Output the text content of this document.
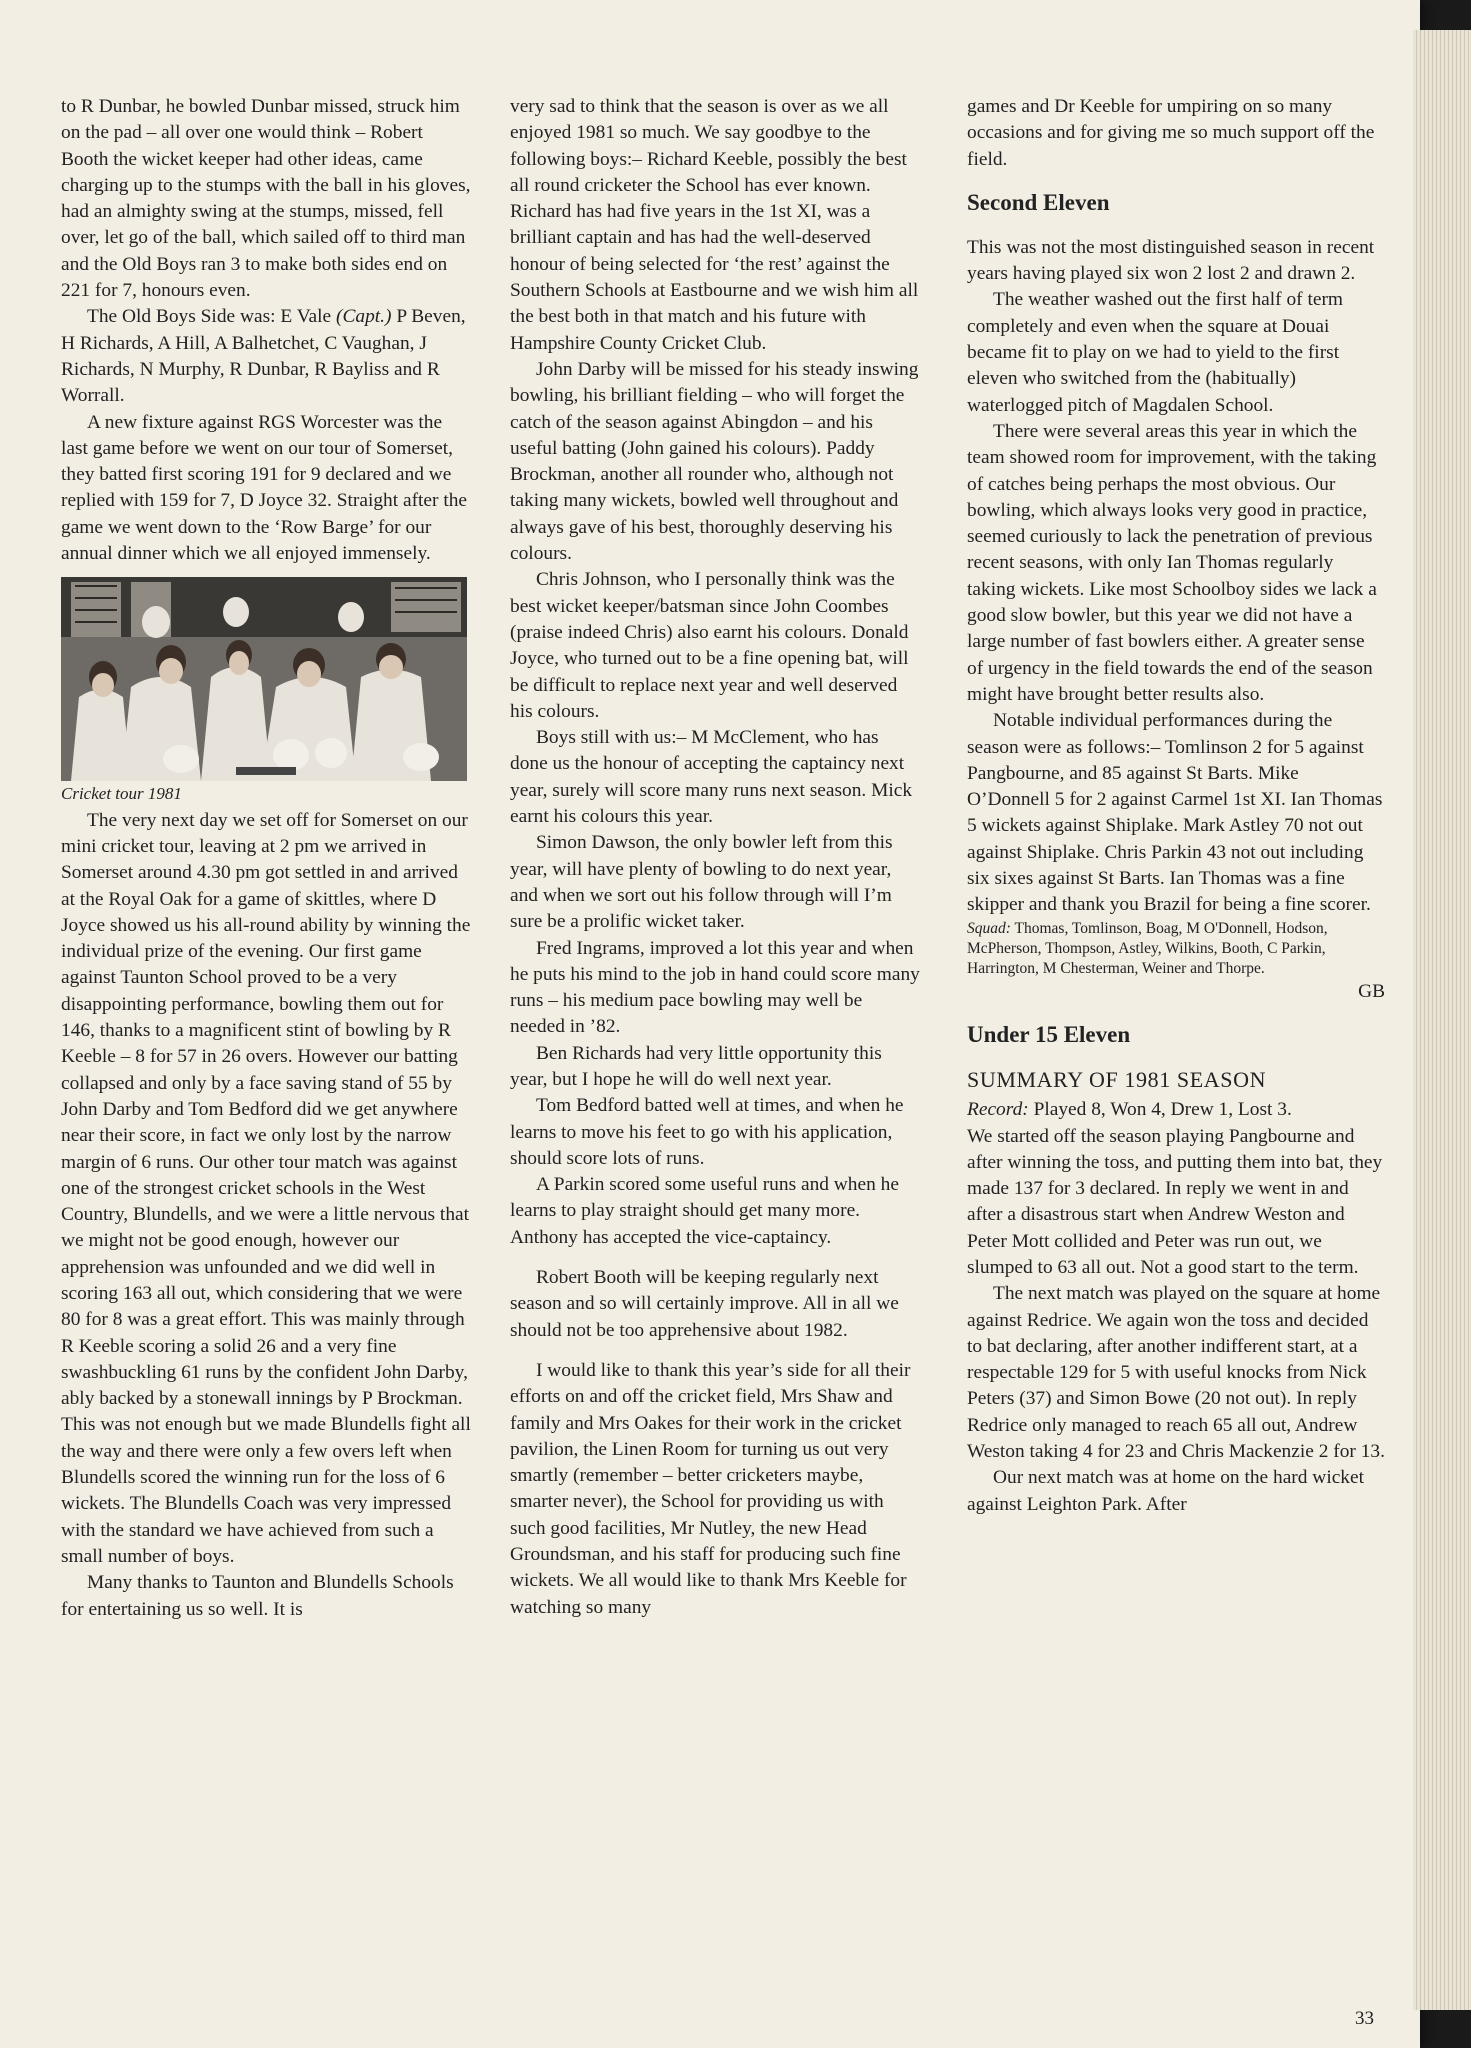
to R Dunbar, he bowled Dunbar missed, struck him on the pad – all over one would think – Robert Booth the wicket keeper had other ideas, came charging up to the stumps with the ball in his gloves, had an almighty swing at the stumps, missed, fell over, let go of the ball, which sailed off to third man and the Old Boys ran 3 to make both sides end on 221 for 7, honours even.

The Old Boys Side was: E Vale (Capt.) P Beven, H Richards, A Hill, A Balhetchet, C Vaughan, J Richards, N Murphy, R Dunbar, R Bayliss and R Worrall.

A new fixture against RGS Worcester was the last game before we went on our tour of Somerset, they batted first scoring 191 for 9 declared and we replied with 159 for 7, D Joyce 32. Straight after the game we went down to the ‘Row Barge’ for our annual dinner which we all enjoyed immensely.

Cricket tour 1981

The very next day we set off for Somerset on our mini cricket tour, leaving at 2 pm we arrived in Somerset around 4.30 pm got settled in and arrived at the Royal Oak for a game of skittles, where D Joyce showed us his all-round ability by winning the individual prize of the evening. Our first game against Taunton School proved to be a very disappointing performance, bowling them out for 146, thanks to a magnificent stint of bowling by R Keeble – 8 for 57 in 26 overs. However our batting collapsed and only by a face saving stand of 55 by John Darby and Tom Bedford did we get anywhere near their score, in fact we only lost by the narrow margin of 6 runs. Our other tour match was against one of the strongest cricket schools in the West Country, Blundells, and we were a little nervous that we might not be good enough, however our apprehension was unfounded and we did well in scoring 163 all out, which considering that we were 80 for 8 was a great effort. This was mainly through R Keeble scoring a solid 26 and a very fine swashbuckling 61 runs by the confident John Darby, ably backed by a stonewall innings by P Brockman. This was not enough but we made Blundells fight all the way and there were only a few overs left when Blundells scored the winning run for the loss of 6 wickets. The Blundells Coach was very impressed with the standard we have achieved from such a small number of boys.

Many thanks to Taunton and Blundells Schools for entertaining us so well. It is

very sad to think that the season is over as we all enjoyed 1981 so much. We say goodbye to the following boys:– Richard Keeble, possibly the best all round cricketer the School has ever known. Richard has had five years in the 1st XI, was a brilliant captain and has had the well-deserved honour of being selected for ‘the rest’ against the Southern Schools at Eastbourne and we wish him all the best both in that match and his future with Hampshire County Cricket Club.

John Darby will be missed for his steady inswing bowling, his brilliant fielding – who will forget the catch of the season against Abingdon – and his useful batting (John gained his colours). Paddy Brockman, another all rounder who, although not taking many wickets, bowled well throughout and always gave of his best, thoroughly deserving his colours.

Chris Johnson, who I personally think was the best wicket keeper/batsman since John Coombes (praise indeed Chris) also earnt his colours. Donald Joyce, who turned out to be a fine opening bat, will be difficult to replace next year and well deserved his colours.

Boys still with us:– M McClement, who has done us the honour of accepting the captaincy next year, surely will score many runs next season. Mick earnt his colours this year.

Simon Dawson, the only bowler left from this year, will have plenty of bowling to do next year, and when we sort out his follow through will I’m sure be a prolific wicket taker.

Fred Ingrams, improved a lot this year and when he puts his mind to the job in hand could score many runs – his medium pace bowling may well be needed in ’82.

Ben Richards had very little opportunity this year, but I hope he will do well next year.

Tom Bedford batted well at times, and when he learns to move his feet to go with his application, should score lots of runs.

A Parkin scored some useful runs and when he learns to play straight should get many more. Anthony has accepted the vice-captaincy.

Robert Booth will be keeping regularly next season and so will certainly improve. All in all we should not be too apprehensive about 1982.

I would like to thank this year’s side for all their efforts on and off the cricket field, Mrs Shaw and family and Mrs Oakes for their work in the cricket pavilion, the Linen Room for turning us out very smartly (remember – better cricketers maybe, smarter never), the School for providing us with such good facilities, Mr Nutley, the new Head Groundsman, and his staff for producing such fine wickets. We all would like to thank Mrs Keeble for watching so many

games and Dr Keeble for umpiring on so many occasions and for giving me so much support off the field.

Second Eleven

This was not the most distinguished season in recent years having played six won 2 lost 2 and drawn 2.

The weather washed out the first half of term completely and even when the square at Douai became fit to play on we had to yield to the first eleven who switched from the (habitually) waterlogged pitch of Magdalen School.

There were several areas this year in which the team showed room for improvement, with the taking of catches being perhaps the most obvious. Our bowling, which always looks very good in practice, seemed curiously to lack the penetration of previous recent seasons, with only Ian Thomas regularly taking wickets. Like most Schoolboy sides we lack a good slow bowler, but this year we did not have a large number of fast bowlers either. A greater sense of urgency in the field towards the end of the season might have brought better results also.

Notable individual performances during the season were as follows:– Tomlinson 2 for 5 against Pangbourne, and 85 against St Barts. Mike O’Donnell 5 for 2 against Carmel 1st XI. Ian Thomas 5 wickets against Shiplake. Mark Astley 70 not out against Shiplake. Chris Parkin 43 not out including six sixes against St Barts. Ian Thomas was a fine skipper and thank you Brazil for being a fine scorer.

Squad: Thomas, Tomlinson, Boag, M O'Donnell, Hodson, McPherson, Thompson, Astley, Wilkins, Booth, C Parkin, Harrington, M Chesterman, Weiner and Thorpe.

GB

Under 15 Eleven
SUMMARY OF 1981 SEASON

Record: Played 8, Won 4, Drew 1, Lost 3.

We started off the season playing Pangbourne and after winning the toss, and putting them into bat, they made 137 for 3 declared. In reply we went in and after a disastrous start when Andrew Weston and Peter Mott collided and Peter was run out, we slumped to 63 all out. Not a good start to the term.

The next match was played on the square at home against Redrice. We again won the toss and decided to bat declaring, after another indifferent start, at a respectable 129 for 5 with useful knocks from Nick Peters (37) and Simon Bowe (20 not out). In reply Redrice only managed to reach 65 all out, Andrew Weston taking 4 for 23 and Chris Mackenzie 2 for 13.

Our next match was at home on the hard wicket against Leighton Park. After

33
